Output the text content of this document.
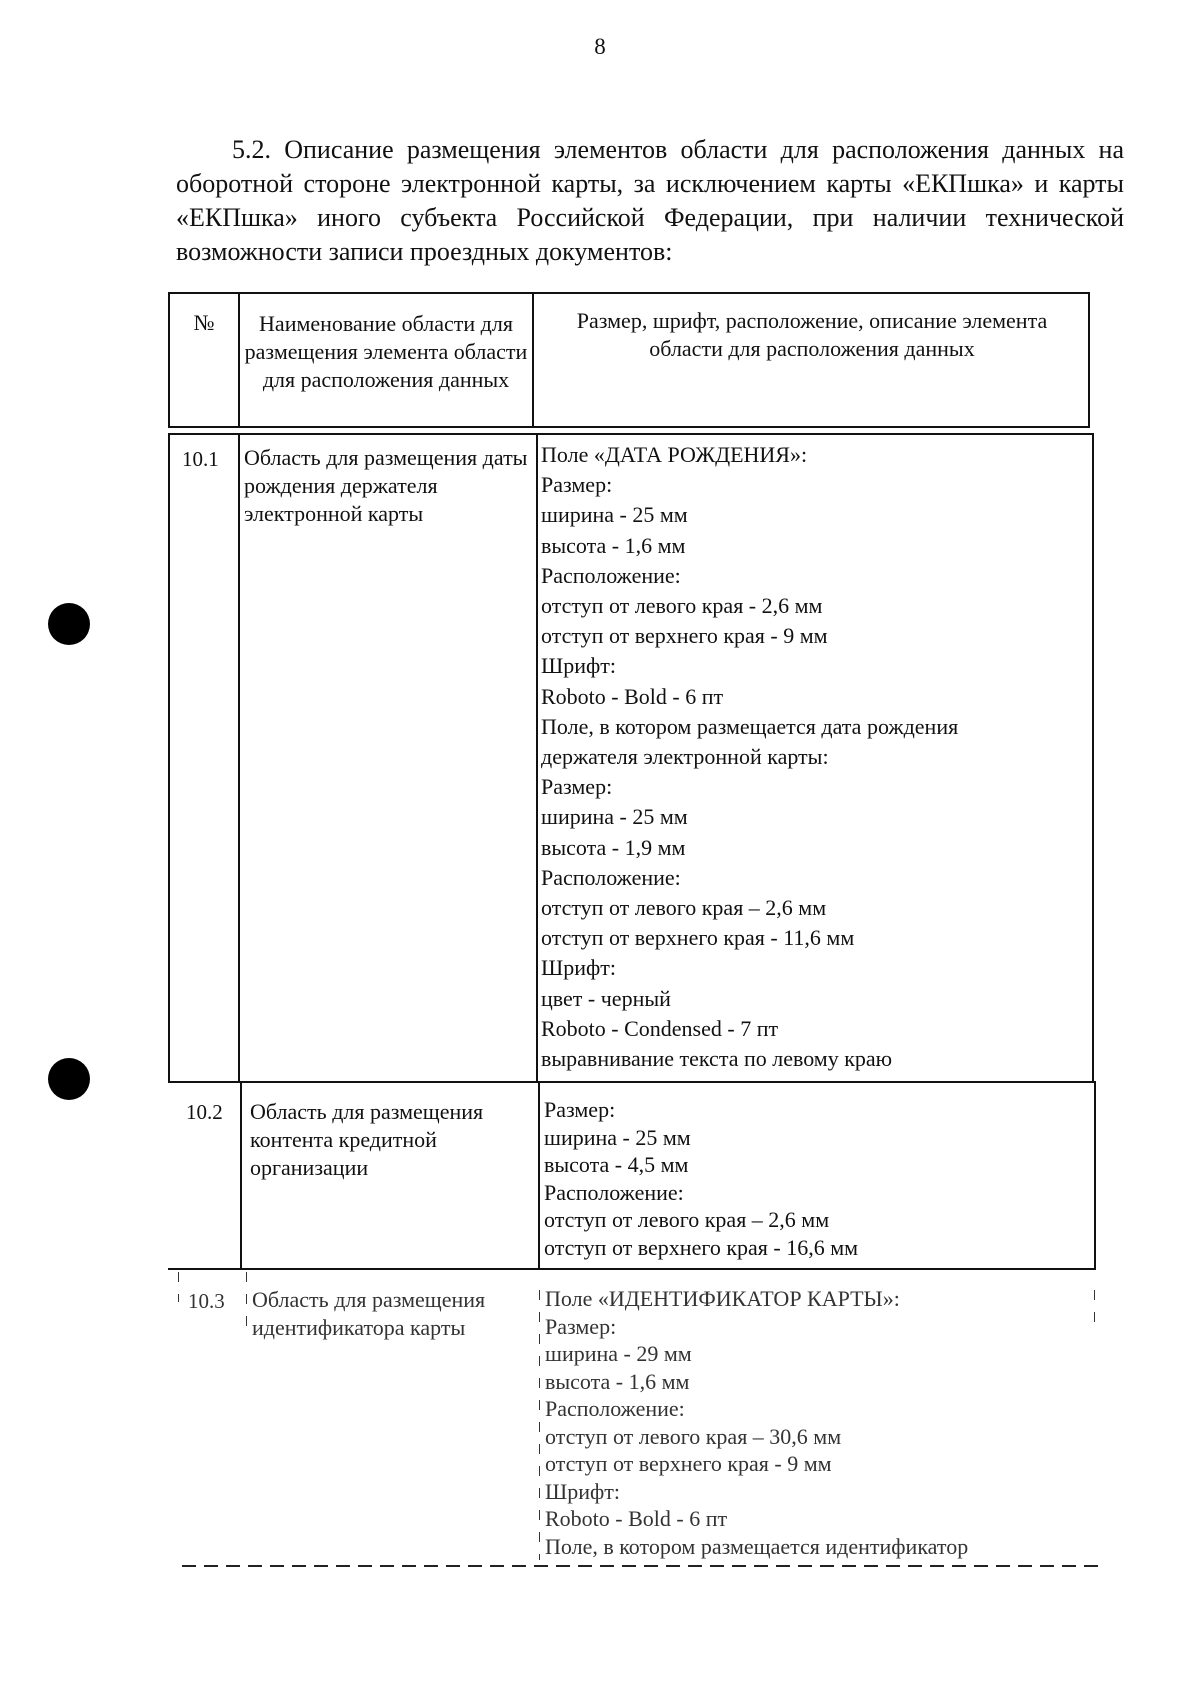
8

5.2. Описание размещения элементов области для расположения данных на оборотной стороне электронной карты, за исключением карты «ЕКПшка» и карты «ЕКПшка» иного субъекта Российской Федерации, при наличии технической возможности записи проездных документов:

№	Наименование области для размещения элемента области для расположения данных
Размер, шрифт, расположение, описание элемента области для расположения данных
10.1 Область для размещения даты рождения держателя электронной карты
Поле «ДАТА РОЖДЕНИЯ»:
Размер:
ширина - 25 мм
высота - 1,6 мм
Расположение:
отступ от левого края - 2,6 мм
отступ от верхнего края - 9 мм
Шрифт:
Roboto - Bold - 6 пт
Поле, в котором размещается дата рождения
держателя электронной карты:
Размер:
ширина - 25 мм
высота - 1,9 мм
Расположение:
отступ от левого края – 2,6 мм
отступ от верхнего края - 11,6 мм
Шрифт:
цвет - черный
Roboto - Condensed - 7 пт
выравнивание текста по левому краю
10.2 Область для размещения контента кредитной организации
Размер:
ширина - 25 мм
высота - 4,5 мм
Расположение:
отступ от левого края – 2,6 мм
отступ от верхнего края - 16,6 мм
10.3 Область для размещения идентификатора карты
Поле «ИДЕНТИФИКАТОР КАРТЫ»:
Размер:
ширина - 29 мм
высота - 1,6 мм
Расположение:
отступ от левого края – 30,6 мм
отступ от верхнего края - 9 мм
Шрифт:
Roboto - Bold - 6 пт
Поле, в котором размещается идентификатор
